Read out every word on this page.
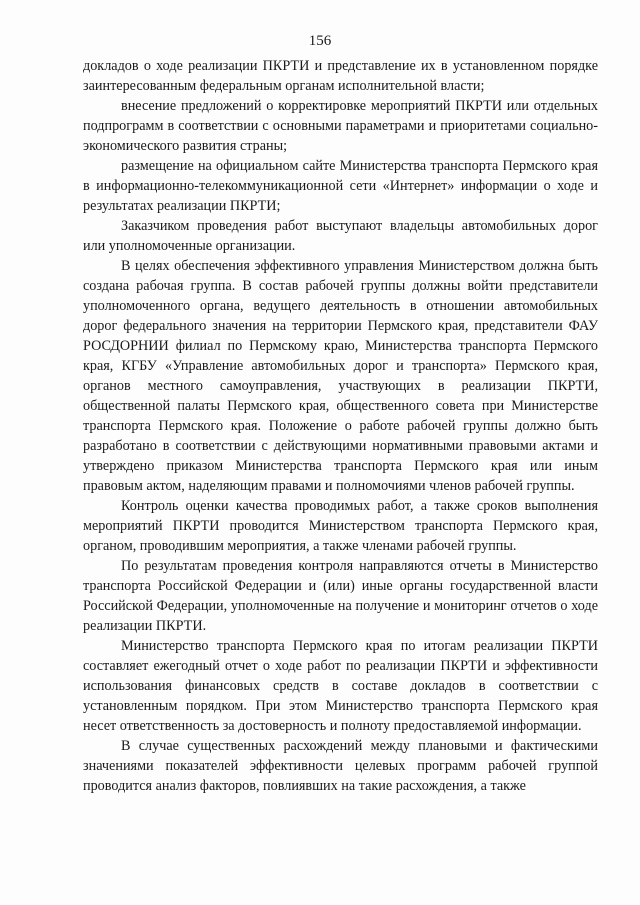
156

докладов о ходе реализации ПКРТИ и представление их в установленном порядке заинтересованным федеральным органам исполнительной власти;

внесение предложений о корректировке мероприятий ПКРТИ или отдельных подпрограмм в соответствии с основными параметрами и приоритетами социально-экономического развития страны;

размещение на официальном сайте Министерства транспорта Пермского края в информационно-телекоммуникационной сети «Интернет» информации о ходе и результатах реализации ПКРТИ;

Заказчиком проведения работ выступают владельцы автомобильных дорог или уполномоченные организации.

В целях обеспечения эффективного управления Министерством должна быть создана рабочая группа. В состав рабочей группы должны войти представители уполномоченного органа, ведущего деятельность в отношении автомобильных дорог федерального значения на территории Пермского края, представители ФАУ РОСДОРНИИ филиал по Пермскому краю, Министерства транспорта Пермского края, КГБУ «Управление автомобильных дорог и транспорта» Пермского края, органов местного самоуправления, участвующих в реализации ПКРТИ, общественной палаты Пермского края, общественного совета при Министерстве транспорта Пермского края. Положение о работе рабочей группы должно быть разработано в соответствии с действующими нормативными правовыми актами и утверждено приказом Министерства транспорта Пермского края или иным правовым актом, наделяющим правами и полномочиями членов рабочей группы.

Контроль оценки качества проводимых работ, а также сроков выполнения мероприятий ПКРТИ проводится Министерством транспорта Пермского края, органом, проводившим мероприятия, а также членами рабочей группы.

По результатам проведения контроля направляются отчеты в Министерство транспорта Российской Федерации и (или) иные органы государственной власти Российской Федерации, уполномоченные на получение и мониторинг отчетов о ходе реализации ПКРТИ.

Министерство транспорта Пермского края по итогам реализации ПКРТИ составляет ежегодный отчет о ходе работ по реализации ПКРТИ и эффективности использования финансовых средств в составе докладов в соответствии с установленным порядком. При этом Министерство транспорта Пермского края несет ответственность за достоверность и полноту предоставляемой информации.

В случае существенных расхождений между плановыми и фактическими значениями показателей эффективности целевых программ рабочей группой проводится анализ факторов, повлиявших на такие расхождения, а также
